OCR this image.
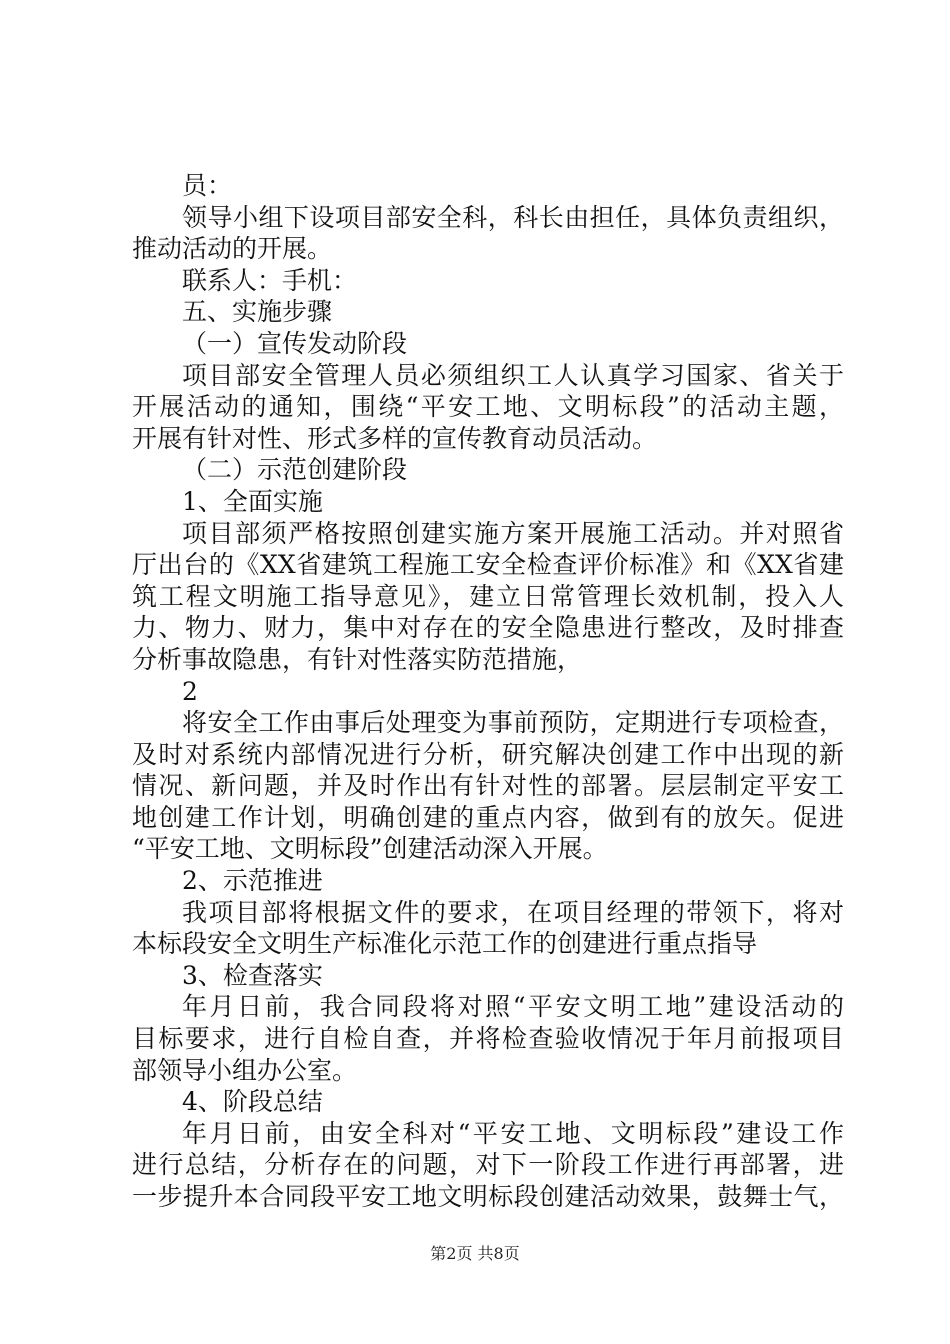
员：
领导小组下设项目部安全科，科长由担任，具体负责组织，
推动活动的开展。
联系人：手机：
五、实施步骤
（一）宣传发动阶段
项目部安全管理人员必须组织工人认真学习国家、省关于
开展活动的通知，围绕“平安工地、文明标段”的活动主题，
开展有针对性、形式多样的宣传教育动员活动。
（二）示范创建阶段
1、全面实施
项目部须严格按照创建实施方案开展施工活动。并对照省
厅出台的《XX省建筑工程施工安全检查评价标准》和《XX省建
筑工程文明施工指导意见》，建立日常管理长效机制，投入人
力、物力、财力，集中对存在的安全隐患进行整改，及时排查
分析事故隐患，有针对性落实防范措施，
2
将安全工作由事后处理变为事前预防，定期进行专项检查，
及时对系统内部情况进行分析，研究解决创建工作中出现的新
情况、新问题，并及时作出有针对性的部署。层层制定平安工
地创建工作计划，明确创建的重点内容，做到有的放矢。促进
“平安工地、文明标段”创建活动深入开展。
2、示范推进
我项目部将根据文件的要求，在项目经理的带领下，将对
本标段安全文明生产标准化示范工作的创建进行重点指导
3、检查落实
年月日前，我合同段将对照“平安文明工地”建设活动的
目标要求，进行自检自查，并将检查验收情况于年月前报项目
部领导小组办公室。
4、阶段总结
年月日前，由安全科对“平安工地、文明标段”建设工作
进行总结，分析存在的问题，对下一阶段工作进行再部署，进
一步提升本合同段平安工地文明标段创建活动效果，鼓舞士气，
第2页 共8页
